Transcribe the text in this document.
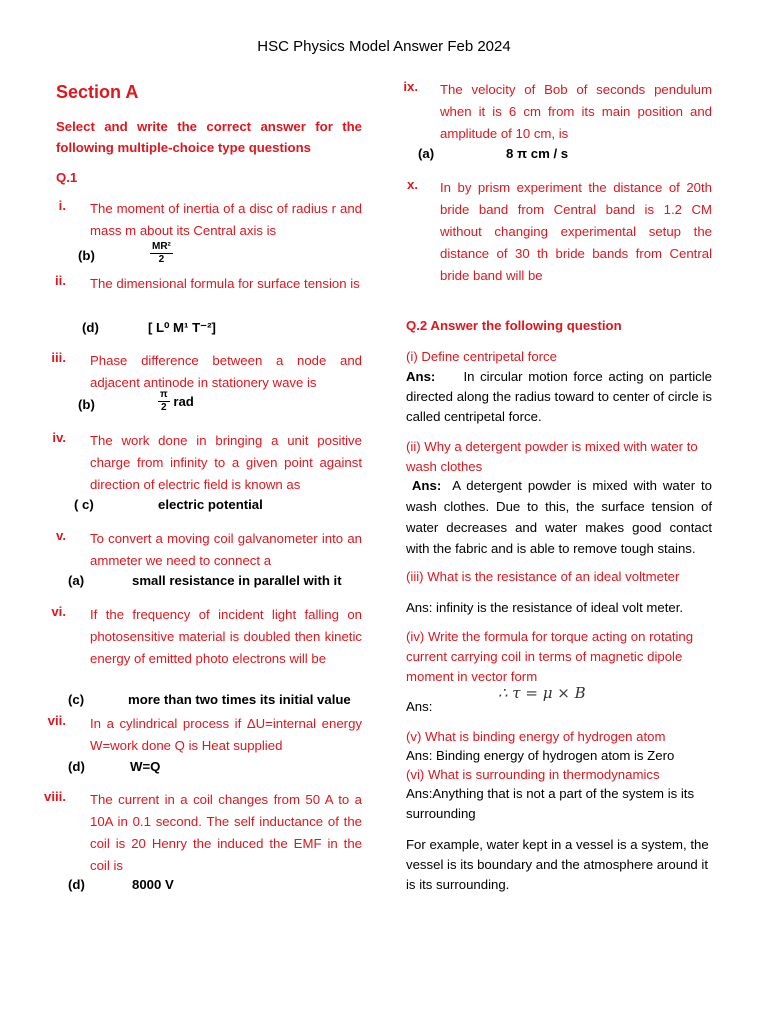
HSC Physics Model Answer Feb 2024
Section A
Select and write the correct answer for the following multiple-choice type questions
Q.1
i. The moment of inertia of a disc of radius r and mass m about its Central axis is
(b)	$\frac{\text{MR²}}{2}$
ii. The dimensional formula for surface tension is
(d)	[ L⁰ M¹ T⁻²]
iii. Phase difference between a node and adjacent antinode in stationery wave is
(b)	$\frac{\pi}{2}$ rad
iv. The work done in bringing a unit positive charge from infinity to a given point against direction of electric field is known as
( c)	electric potential
v. To convert a moving coil galvanometer into an ammeter we need to connect a
(a)	small resistance in parallel with it
vi. If the frequency of incident light falling on photosensitive material is doubled then kinetic energy of emitted photo electrons will be
(c)	more than two times its initial value
vii. In a cylindrical process if ΔU=internal energy W=work done Q is Heat supplied
(d)	W=Q
viii. The current in a coil changes from 50 A to a 10A in 0.1 second. The self inductance of the coil is 20 Henry the induced the EMF in the coil is
(d)	8000 V
ix. The velocity of Bob of seconds pendulum when it is 6 cm from its main position and amplitude of 10 cm, is
(a)	8 π cm / s
x. In by prism experiment the distance of 20th bride band from Central band is 1.2 CM without changing experimental setup the distance of 30 th bride bands from Central bride band will be
Q.2 Answer the following question
(i) Define centripetal force
Ans: In circular motion force acting on particle directed along the radius toward to center of circle is called centripetal force.
(ii) Why a detergent powder is mixed with water to wash clothes
Ans: A detergent powder is mixed with water to wash clothes. Due to this, the surface tension of water decreases and water makes good contact with the fabric and is able to remove tough stains.
(iii) What is the resistance of an ideal voltmeter
Ans: infinity is the resistance of ideal volt meter.
(iv) Write the formula for torque acting on rotating current carrying coil in terms of magnetic dipole moment in vector form
Ans:
∴ τ = μ × B
(v) What is binding energy of hydrogen atom
Ans: Binding energy of hydrogen atom is Zero
(vi) What is surrounding in thermodynamics
Ans:Anything that is not a part of the system is its surrounding
For example, water kept in a vessel is a system, the vessel is its boundary and the atmosphere around it is its surrounding.
